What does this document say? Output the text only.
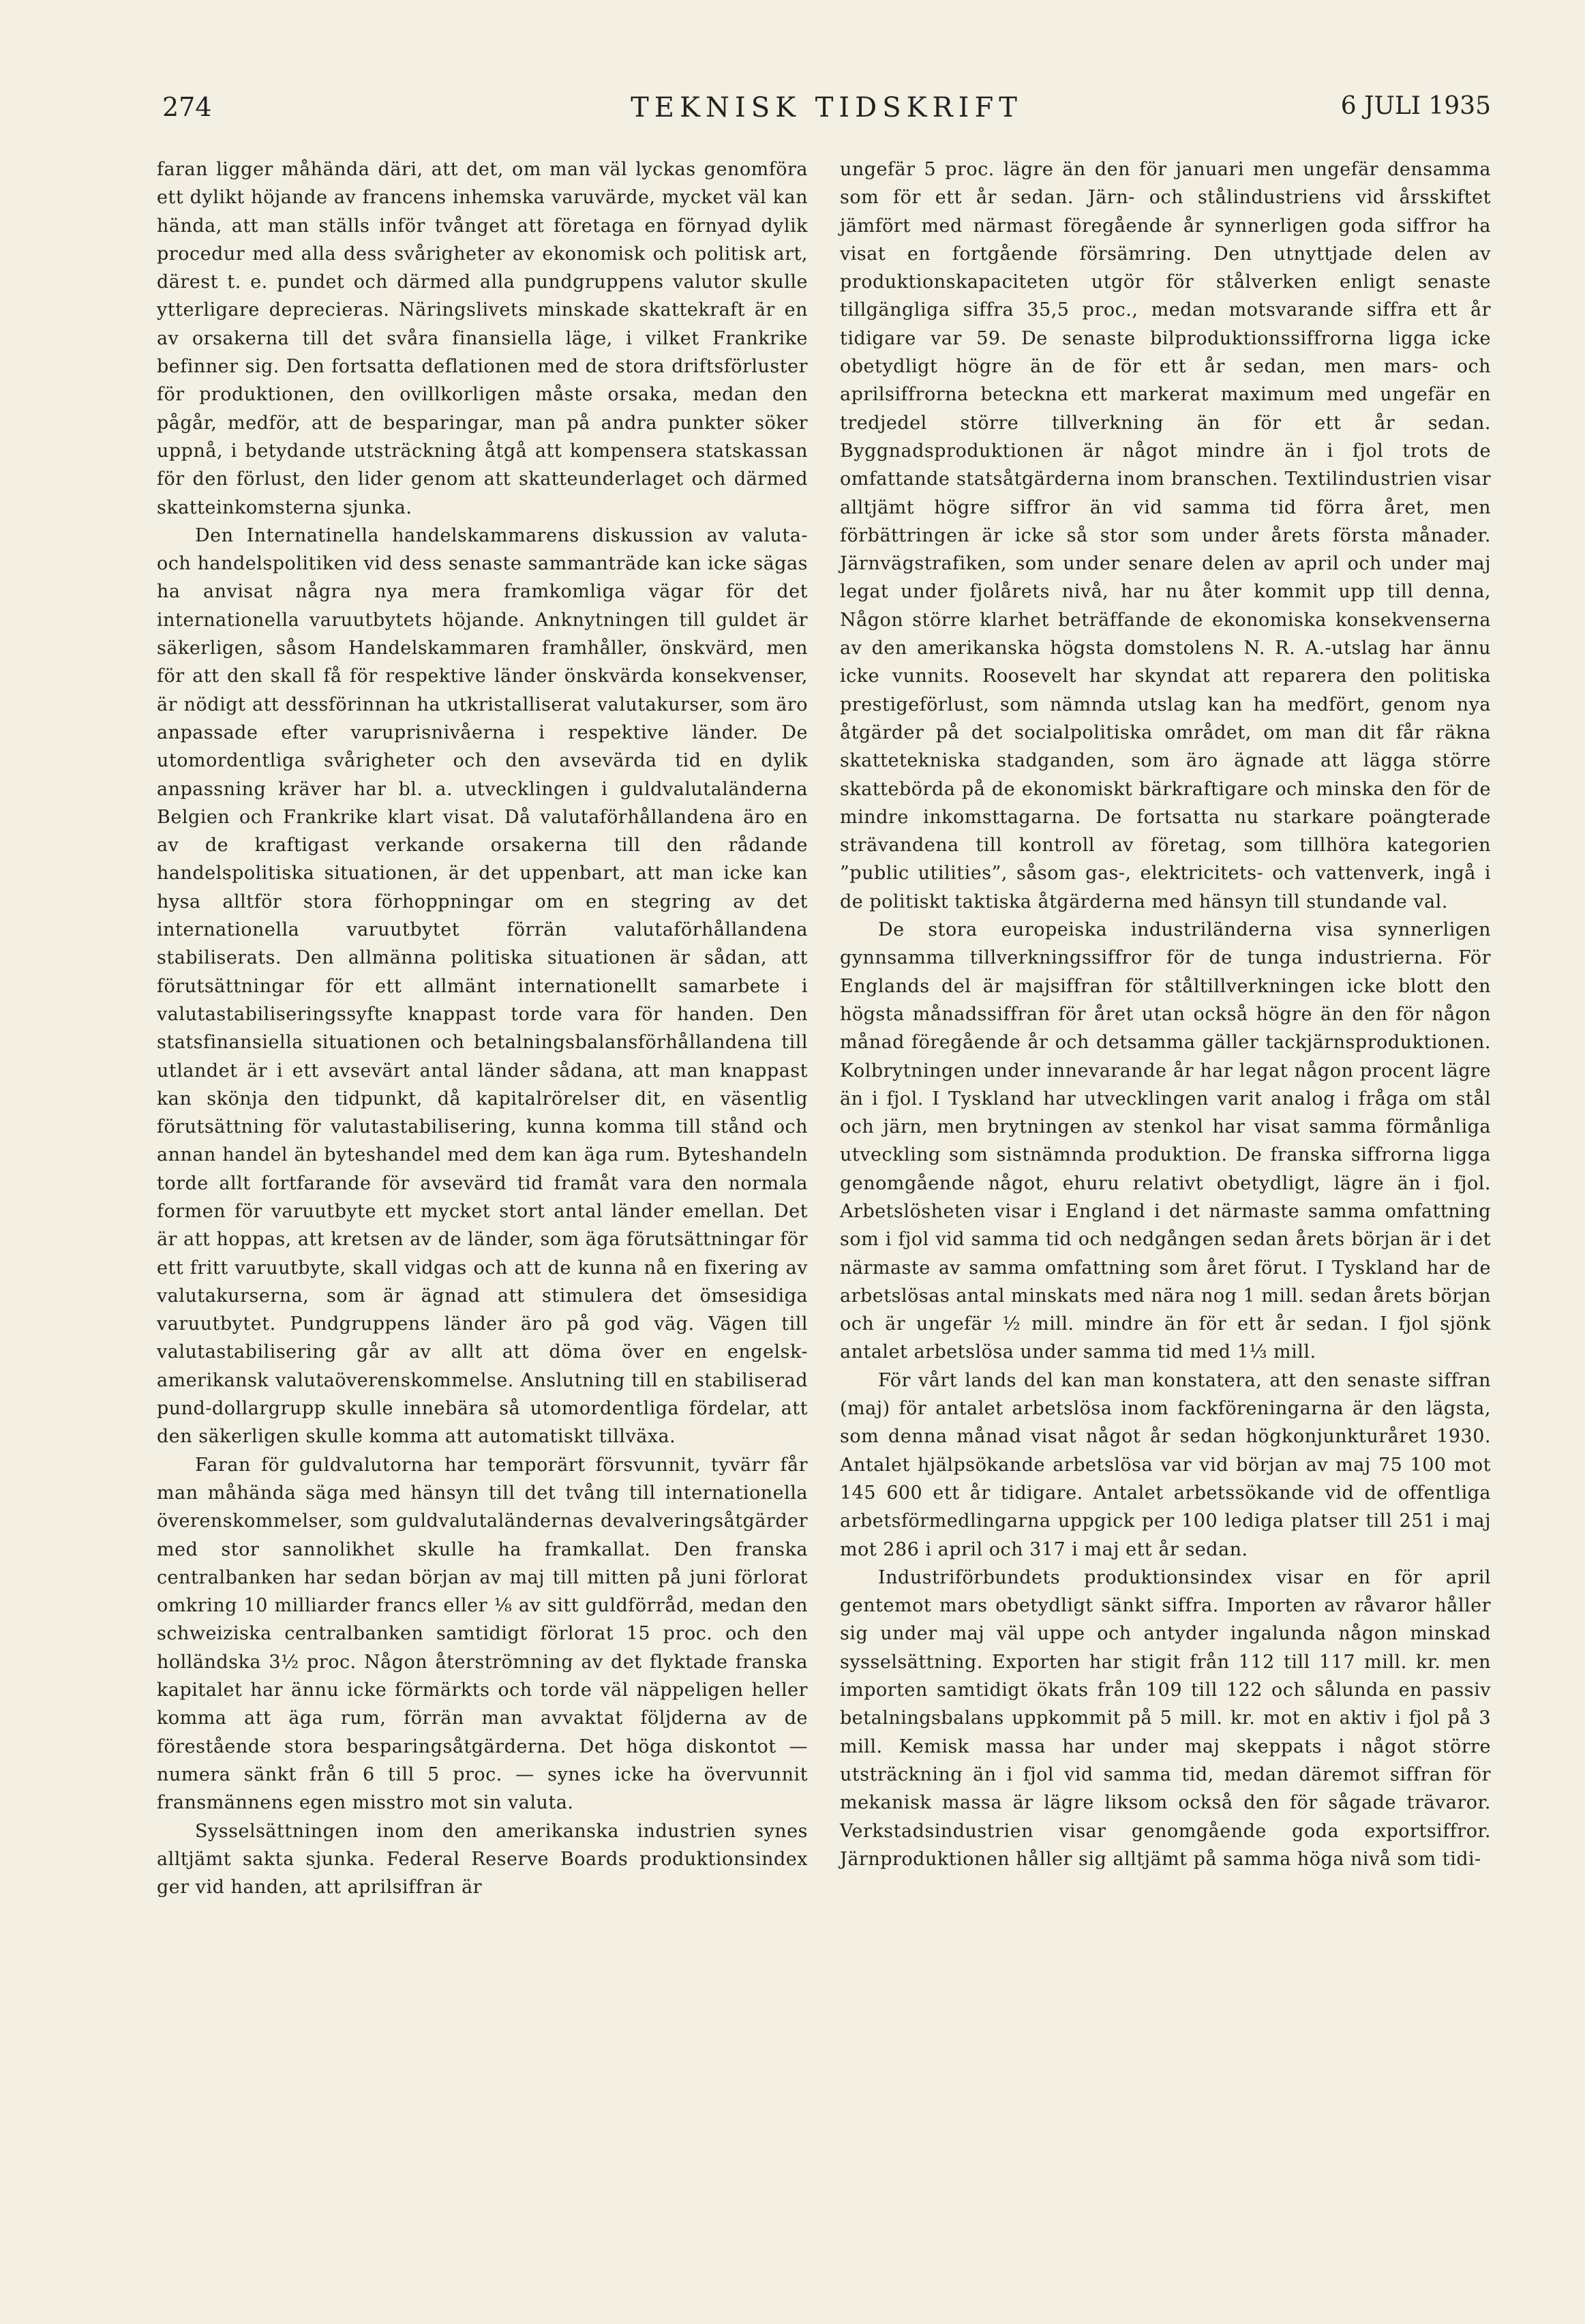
274	TEKNISK TIDSKRIFT	6 JULI 1935

faran ligger måhända däri, att det, om man väl lyckas genomföra ett dylikt höjande av francens inhemska varuvärde, mycket väl kan hända, att man ställs inför tvånget att företaga en förnyad dylik procedur med alla dess svårigheter av ekonomisk och politisk art, därest t. e. pundet och därmed alla pundgruppens valutor skulle ytterligare deprecieras. Näringslivets minskade skattekraft är en av orsakerna till det svåra finansiella läge, i vilket Frankrike befinner sig. Den fortsatta deflationen med de stora driftsförluster för produktionen, den ovillkorligen måste orsaka, medan den pågår, medför, att de besparingar, man på andra punkter söker uppnå, i betydande utsträckning åtgå att kompensera statskassan för den förlust, den lider genom att skatteunderlaget och därmed skatteinkomsterna sjunka.

Den Internatinella handelskammarens diskussion av valuta- och handelspolitiken vid dess senaste sammanträde kan icke sägas ha anvisat några nya mera framkomliga vägar för det internationella varuutbytets höjande. Anknytningen till guldet är säkerligen, såsom Handelskammaren framhåller, önskvärd, men för att den skall få för respektive länder önskvärda konsekvenser, är nödigt att dessförinnan ha utkristalliserat valutakurser, som äro anpassade efter varuprisnivåerna i respektive länder. De utomordentliga svårigheter och den avsevärda tid en dylik anpassning kräver har bl. a. utvecklingen i guldvalutaländerna Belgien och Frankrike klart visat. Då valutaförhållandena äro en av de kraftigast verkande orsakerna till den rådande handelspolitiska situationen, är det uppenbart, att man icke kan hysa alltför stora förhoppningar om en stegring av det internationella varuutbytet förrän valutaförhållandena stabiliserats. Den allmänna politiska situationen är sådan, att förutsättningar för ett allmänt internationellt samarbete i valutastabiliseringssyfte knappast torde vara för handen. Den statsfinansiella situationen och betalningsbalansförhållandena till utlandet är i ett avsevärt antal länder sådana, att man knappast kan skönja den tidpunkt, då kapitalrörelser dit, en väsentlig förutsättning för valutastabilisering, kunna komma till stånd och annan handel än byteshandel med dem kan äga rum. Byteshandeln torde allt fortfarande för avsevärd tid framåt vara den normala formen för varuutbyte ett mycket stort antal länder emellan. Det är att hoppas, att kretsen av de länder, som äga förutsättningar för ett fritt varuutbyte, skall vidgas och att de kunna nå en fixering av valutakurserna, som är ägnad att stimulera det ömsesidiga varuutbytet. Pundgruppens länder äro på god väg. Vägen till valutastabilisering går av allt att döma över en engelsk-amerikansk valutaöverenskommelse. Anslutning till en stabiliserad pund-dollargrupp skulle innebära så utomordentliga fördelar, att den säkerligen skulle komma att automatiskt tillväxa.

Faran för guldvalutorna har temporärt försvunnit, tyvärr får man måhända säga med hänsyn till det tvång till internationella överenskommelser, som guldvalutaländernas devalveringsåtgärder med stor sannolikhet skulle ha framkallat. Den franska centralbanken har sedan början av maj till mitten på juni förlorat omkring 10 milliarder francs eller ⅛ av sitt guldförråd, medan den schweiziska centralbanken samtidigt förlorat 15 proc. och den holländska 3½ proc. Någon återströmning av det flyktade franska kapitalet har ännu icke förmärkts och torde väl näppeligen heller komma att äga rum, förrän man avvaktat följderna av de förestående stora besparingsåtgärderna. Det höga diskontot — numera sänkt från 6 till 5 proc. — synes icke ha övervunnit fransmännens egen misstro mot sin valuta.

Sysselsättningen inom den amerikanska industrien synes alltjämt sakta sjunka. Federal Reserve Boards produktionsindex ger vid handen, att aprilsiffran är

ungefär 5 proc. lägre än den för januari men ungefär densamma som för ett år sedan. Järn- och stålindustriens vid årsskiftet jämfört med närmast föregående år synnerligen goda siffror ha visat en fortgående försämring. Den utnyttjade delen av produktionskapaciteten utgör för stålverken enligt senaste tillgängliga siffra 35,5 proc., medan motsvarande siffra ett år tidigare var 59. De senaste bilproduktionssiffrorna ligga icke obetydligt högre än de för ett år sedan, men mars- och aprilsiffrorna beteckna ett markerat maximum med ungefär en tredjedel större tillverkning än för ett år sedan. Byggnadsproduktionen är något mindre än i fjol trots de omfattande statsåtgärderna inom branschen. Textilindustrien visar alltjämt högre siffror än vid samma tid förra året, men förbättringen är icke så stor som under årets första månader. Järnvägstrafiken, som under senare delen av april och under maj legat under fjolårets nivå, har nu åter kommit upp till denna, Någon större klarhet beträffande de ekonomiska konsekvenserna av den amerikanska högsta domstolens N. R. A.-utslag har ännu icke vunnits. Roosevelt har skyndat att reparera den politiska prestigeförlust, som nämnda utslag kan ha medfört, genom nya åtgärder på det socialpolitiska området, om man dit får räkna skattetekniska stadganden, som äro ägnade att lägga större skattebörda på de ekonomiskt bärkraftigare och minska den för de mindre inkomsttagarna. De fortsatta nu starkare poängterade strävandena till kontroll av företag, som tillhöra kategorien ”public utilities”, såsom gas-, elektricitets- och vattenverk, ingå i de politiskt taktiska åtgärderna med hänsyn till stundande val.

De stora europeiska industriländerna visa synnerligen gynnsamma tillverkningssiffror för de tunga industrierna. För Englands del är majsiffran för ståltillverkningen icke blott den högsta månadssiffran för året utan också högre än den för någon månad föregående år och detsamma gäller tackjärnsproduktionen. Kolbrytningen under innevarande år har legat någon procent lägre än i fjol. I Tyskland har utvecklingen varit analog i fråga om stål och järn, men brytningen av stenkol har visat samma förmånliga utveckling som sistnämnda produktion. De franska siffrorna ligga genomgående något, ehuru relativt obetydligt, lägre än i fjol. Arbetslösheten visar i England i det närmaste samma omfattning som i fjol vid samma tid och nedgången sedan årets början är i det närmaste av samma omfattning som året förut. I Tyskland har de arbetslösas antal minskats med nära nog 1 mill. sedan årets början och är ungefär ½ mill. mindre än för ett år sedan. I fjol sjönk antalet arbetslösa under samma tid med 1⅓ mill.

För vårt lands del kan man konstatera, att den senaste siffran (maj) för antalet arbetslösa inom fackföreningarna är den lägsta, som denna månad visat något år sedan högkonjunkturåret 1930. Antalet hjälpsökande arbetslösa var vid början av maj 75 100 mot 145 600 ett år tidigare. Antalet arbetssökande vid de offentliga arbetsförmedlingarna uppgick per 100 lediga platser till 251 i maj mot 286 i april och 317 i maj ett år sedan.

Industriförbundets produktionsindex visar en för april gentemot mars obetydligt sänkt siffra. Importen av råvaror håller sig under maj väl uppe och antyder ingalunda någon minskad sysselsättning. Exporten har stigit från 112 till 117 mill. kr. men importen samtidigt ökats från 109 till 122 och sålunda en passiv betalningsbalans uppkommit på 5 mill. kr. mot en aktiv i fjol på 3 mill. Kemisk massa har under maj skeppats i något större utsträckning än i fjol vid samma tid, medan däremot siffran för mekanisk massa är lägre liksom också den för sågade trävaror. Verkstadsindustrien visar genomgående goda exportsiffror. Järnproduktionen håller sig alltjämt på samma höga nivå som tidi-
